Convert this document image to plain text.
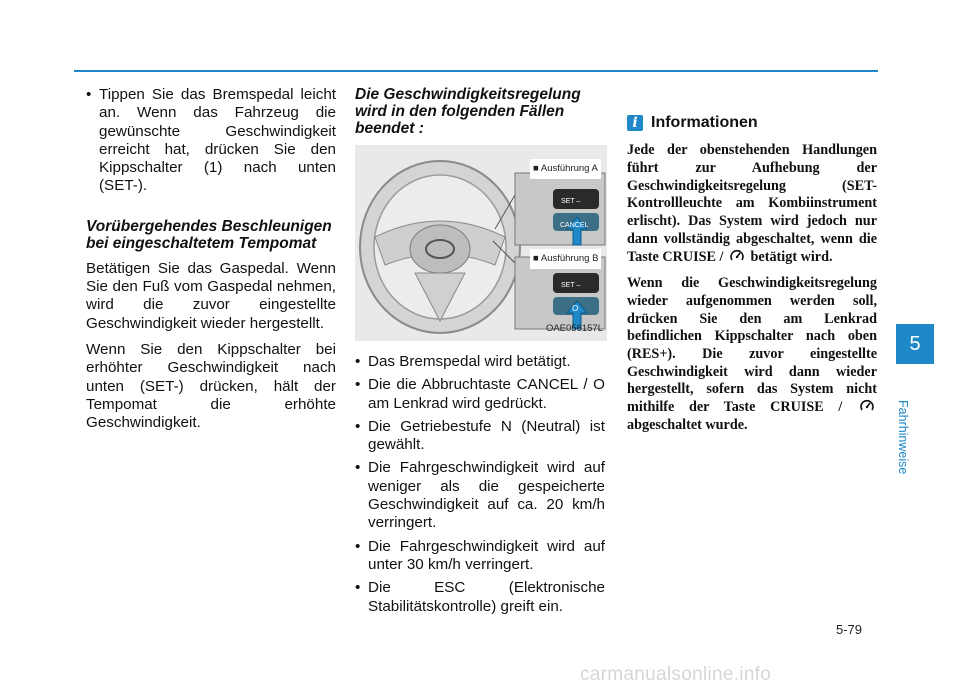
• Tippen Sie das Bremspedal leicht an. Wenn das Fahrzeug die gewünschte Geschwindigkeit erreicht hat, drücken Sie den Kippschalter (1) nach unten (SET-).
Vorübergehendes Beschleunigen bei eingeschaltetem Tempomat

Betätigen Sie das Gaspedal. Wenn Sie den Fuß vom Gaspedal nehmen, wird die zuvor eingestellte Geschwindigkeit wieder hergestellt.

Wenn Sie den Kippschalter bei erhöhter Geschwindigkeit nach unten (SET-) drücken, hält der Tempomat die erhöhte Geschwindigkeit.

Die Geschwindigkeitsregelung wird in den folgenden Fällen beendet :
■ Ausführung A
■ Ausführung B
SET –
CANCEL
SET –
O
OAE056157L
• Das Bremspedal wird betätigt.
• Die die Abbruchtaste CANCEL / O am Lenkrad wird gedrückt.
• Die Getriebestufe N (Neutral) ist gewählt.
• Die Fahrgeschwindigkeit wird auf weniger als die gespeicherte Geschwindigkeit auf ca. 20 km/h verringert.
• Die Fahrgeschwindigkeit wird auf unter 30 km/h verringert.
• Die ESC (Elektronische Stabilitätskontrolle) greift ein.
i Informationen

Jede der obenstehenden Handlungen führt zur Aufhebung der Geschwindigkeitsregelung (SET-Kontrollleuchte am Kombiinstrument erlischt). Das System wird jedoch nur dann vollständig abgeschaltet, wenn die Taste CRUISE / betätigt wird.

Wenn die Geschwindigkeitsregelung wieder aufgenommen werden soll, drücken Sie den am Lenkrad befindlichen Kippschalter nach oben (RES+). Die zuvor eingestellte Geschwindigkeit wird dann wieder hergestellt, sofern das System nicht mithilfe der Taste CRUISE /  abgeschaltet wurde.

5
Fahrhinweise
5-79
carmanualsonline.info
